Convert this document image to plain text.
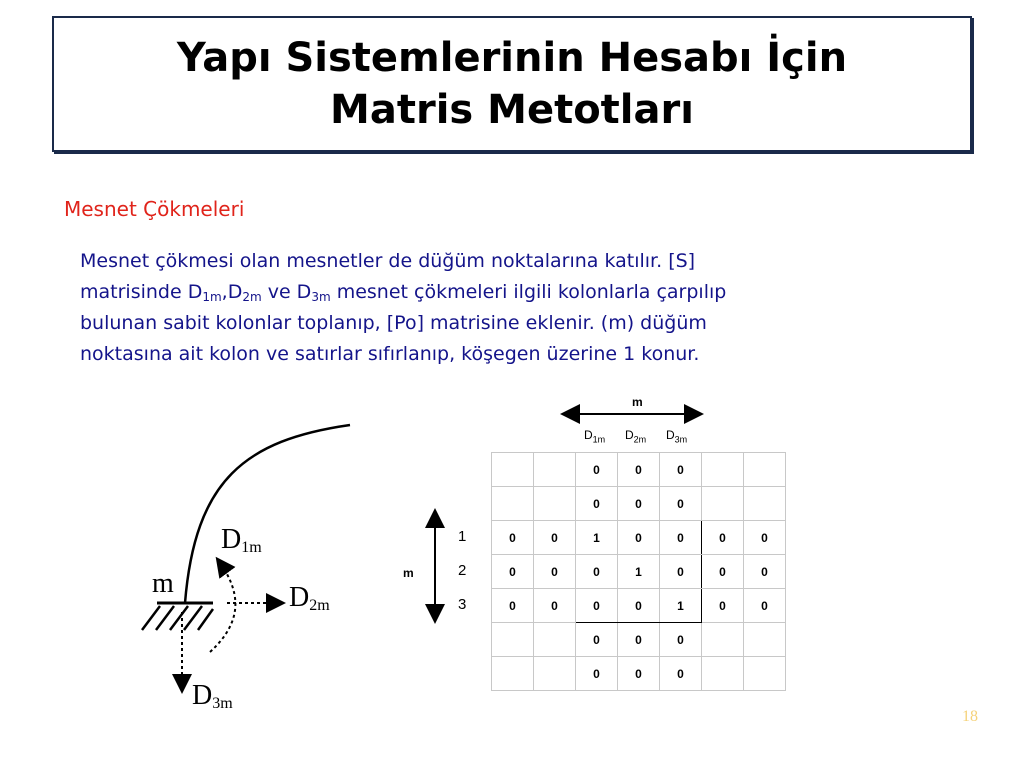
Yapı Sistemlerinin Hesabı İçin
Matris Metotları
Mesnet Çökmeleri
Mesnet çökmesi olan mesnetler de düğüm noktalarına katılır. [S]
matrisinde $D_{1m},D_{2m}$ ve $D_{3m}$ mesnet çökmeleri ilgili kolonlarla çarpılıp
bulunan sabit kolonlar toplanıp, [Po] matrisine eklenir. (m) düğüm
noktasına ait kolon ve satırlar sıfırlanıp, köşegen üzerine 1 konur.
m
$D_{1m}$
$D_{2m}$
$D_{3m}$
m
m
$D_{1m}$ $D_{2m}$ $D_{3m}$
1
2
3
		0	0	0		
		0	0	0		
0	0	1	0	0	0	0
0	0	0	1	0	0	0
0	0	0	0	1	0	0
		0	0	0		
		0	0	0		
18
